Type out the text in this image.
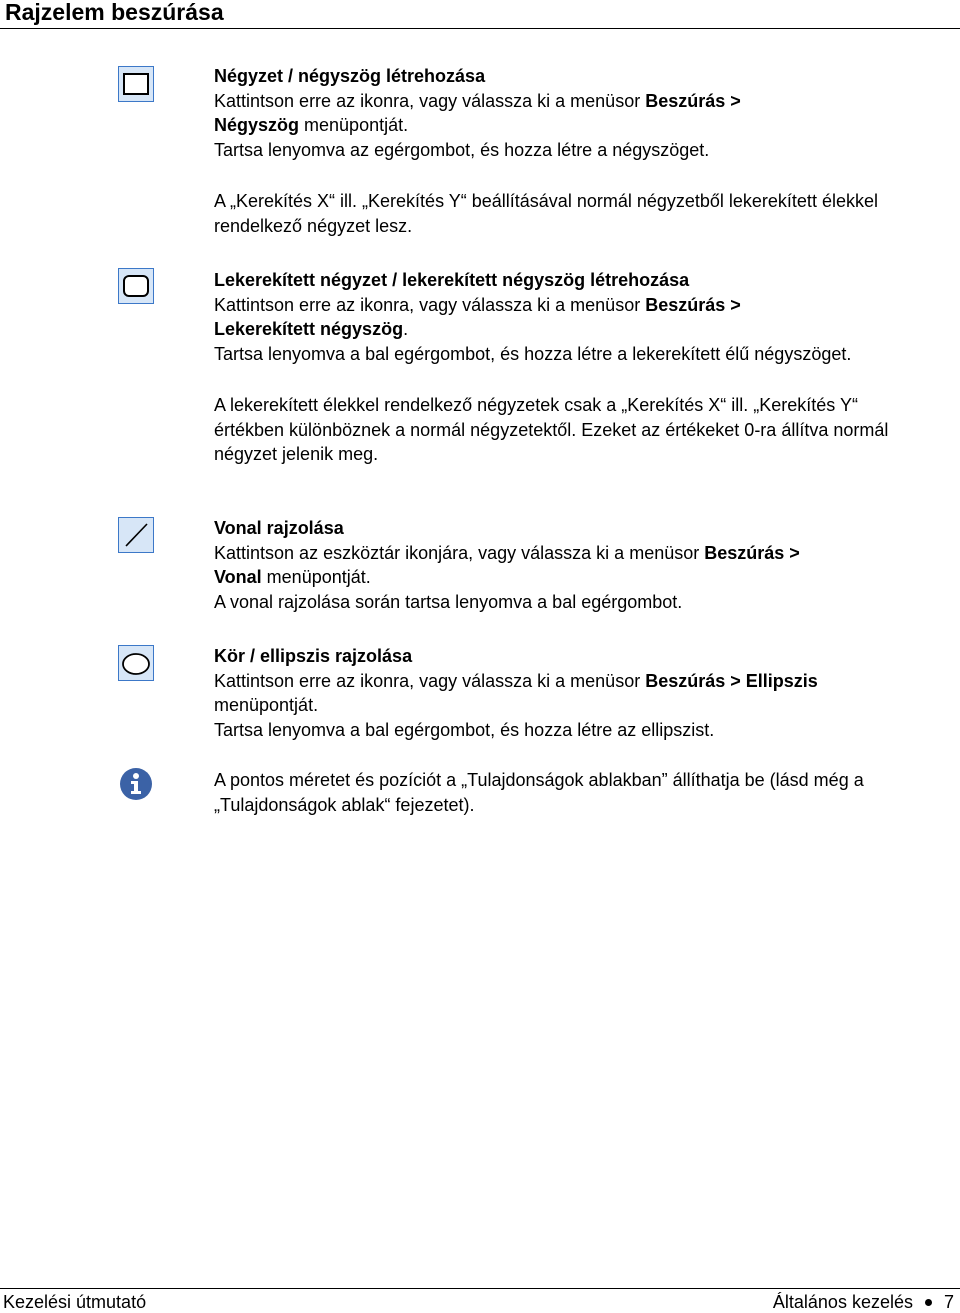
Rajzelem beszúrása

Négyzet / négyszög létrehozása

Kattintson erre az ikonra, vagy válassza ki a menüsor Beszúrás >
Négyszög menüpontját.

Tartsa lenyomva az egérgombot, és hozza létre a négyszöget.

A „Kerekítés X“ ill. „Kerekítés Y“ beállításával normál négyzetből lekerekített élekkel rendelkező négyzet lesz.

Lekerekített négyzet / lekerekített négyszög létrehozása

Kattintson erre az ikonra, vagy válassza ki a menüsor Beszúrás >
Lekerekített négyszög.

Tartsa lenyomva a bal egérgombot, és hozza létre a lekerekített élű négyszöget.

A lekerekített élekkel rendelkező négyzetek csak a „Kerekítés X“ ill. „Kerekítés Y“ értékben különböznek a normál négyzetektől. Ezeket az értékeket 0-ra állítva normál négyzet jelenik meg.

Vonal rajzolása

Kattintson az eszköztár ikonjára, vagy válassza ki a menüsor Beszúrás >
Vonal menüpontját.

A vonal rajzolása során tartsa lenyomva a bal egérgombot.

Kör / ellipszis rajzolása

Kattintson erre az ikonra, vagy válassza ki a menüsor Beszúrás > Ellipszis
menüpontját.

Tartsa lenyomva a bal egérgombot, és hozza létre az ellipszist.

A pontos méretet és pozíciót a „Tulajdonságok ablakban” állíthatja be (lásd még a „Tulajdonságok ablak“ fejezetet).

Kezelési útmutató	Általános kezelés 7
